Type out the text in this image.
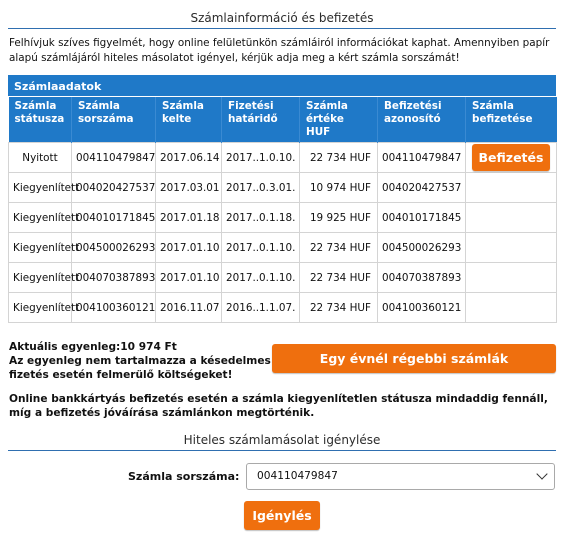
Számlainformáció és befizetés
Felhívjuk szíves figyelmét, hogy online felületünkön számláiról információkat kaphat. Amennyiben papír alapú számlájáról hiteles másolatot igényel, kérjük adja meg a kért számla sorszámát!
Számlaadatok
Számla státusza	Számla sorszáma	Számla kelte	Fizetési határidő	Számla értéke HUF	Befizetési azonosító	Számla befizetése
Nyitott	004110479847	2017.06.14	2017..1.0.10.	22 734 HUF	004110479847	Befizetés
Kiegyenlített	004020427537	2017.03.01	2017..0.3.01.	10 974 HUF	004020427537	
Kiegyenlített	004010171845	2017.01.18	2017..0.1.18.	19 925 HUF	004010171845	
Kiegyenlített	004500026293	2017.01.10	2017..0.1.10.	22 734 HUF	004500026293	
Kiegyenlített	004070387893	2017.01.10	2017..0.1.10.	22 734 HUF	004070387893	
Kiegyenlített	004100360121	2016.11.07	2016..1.1.07.	22 734 HUF	004100360121	
Aktuális egyenleg:10 974 Ft
Az egyenleg nem tartalmazza a késedelmes fizetés esetén felmerülő költségeket!
Egy évnél régebbi számlák megjelenítése
Online bankkártyás befizetés esetén a számla kiegyenlítetlen státusza mindaddig fennáll, míg a befizetés jóváírása számlánkon megtörténik.
Hiteles számlamásolat igénylése
Számla sorszáma:	004110479847
Igénylés
